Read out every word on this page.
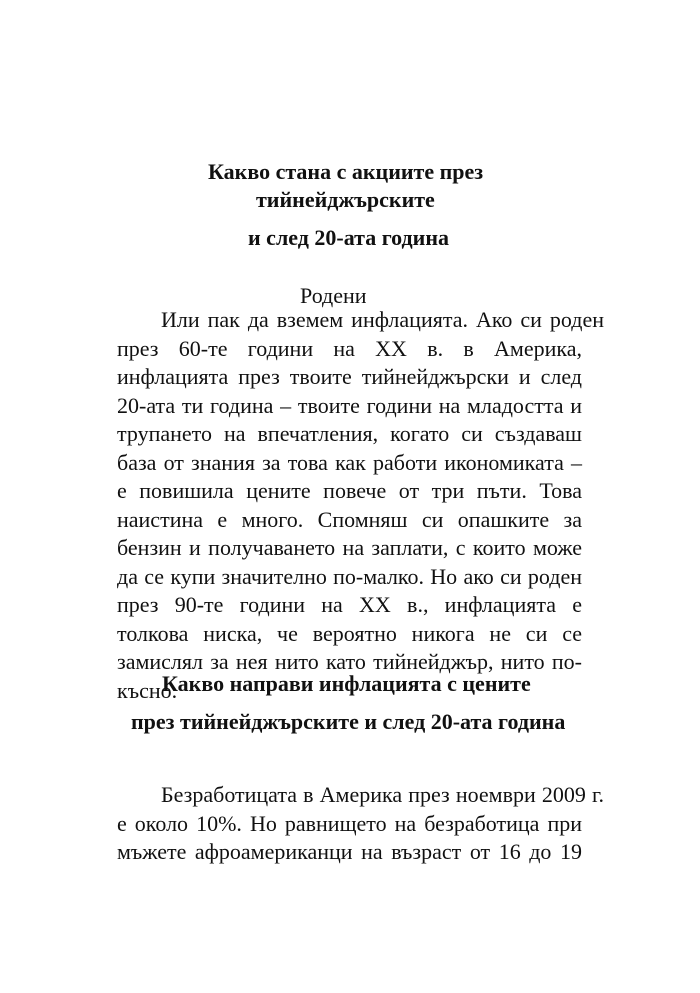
Какво стана с акциите през

тийнейджърските

и след 20-ата година

Родени

Или пак да вземем инфлацията. Ако си роден
през 60-те години на ХХ в. в Америка,
инфлацията през твоите тийнейджърски и след
20-ата ти година – твоите години на младостта и
трупането на впечатления, когато си създаваш
база от знания за това как работи икономиката –
е повишила цените повече от три пъти. Това
наистина е много. Спомняш си опашките за
бензин и получаването на заплати, с които може
да се купи значително по-малко. Но ако си роден
през 90-те години на ХХ в., инфлацията е
толкова ниска, че вероятно никога не си се
замислял за нея нито като тийнейджър, нито по-
късно.

Какво направи инфлацията с цените

през тийнейджърските и след 20-ата година

Безработицата в Америка през ноември 2009 г.
е около 10%. Но равнището на безработица при
мъжете афроамериканци на възраст от 16 до 19
